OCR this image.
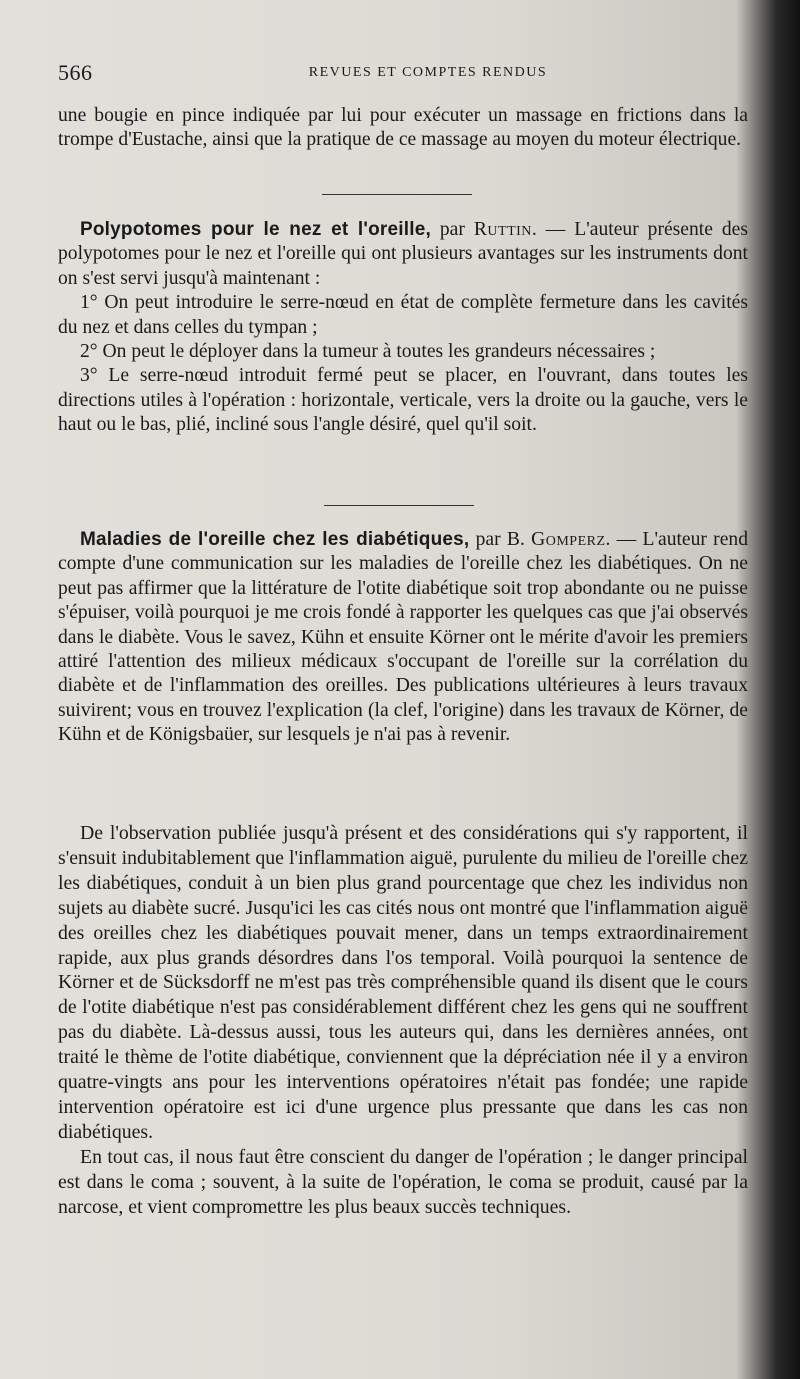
566	REVUES ET COMPTES RENDUS

une bougie en pince indiquée par lui pour exécuter un massage en frictions dans la trompe d'Eustache, ainsi que la pratique de ce massage au moyen du moteur électrique.

Polypotomes pour le nez et l'oreille, par Ruttin. — L'auteur présente des polypotomes pour le nez et l'oreille qui ont plusieurs avantages sur les instruments dont on s'est servi jusqu'à maintenant :

1° On peut introduire le serre-nœud en état de complète fermeture dans les cavités du nez et dans celles du tympan ;

2° On peut le déployer dans la tumeur à toutes les grandeurs nécessaires ;

3° Le serre-nœud introduit fermé peut se placer, en l'ouvrant, dans toutes les directions utiles à l'opération : horizontale, verticale, vers la droite ou la gauche, vers le haut ou le bas, plié, incliné sous l'angle désiré, quel qu'il soit.

Maladies de l'oreille chez les diabétiques, par B. Gomperz. — L'auteur rend compte d'une communication sur les maladies de l'oreille chez les diabétiques. On ne peut pas affirmer que la littérature de l'otite diabétique soit trop abondante ou ne puisse s'épuiser, voilà pourquoi je me crois fondé à rapporter les quelques cas que j'ai observés dans le diabète. Vous le savez, Kühn et ensuite Körner ont le mérite d'avoir les premiers attiré l'attention des milieux médicaux s'occupant de l'oreille sur la corrélation du diabète et de l'inflammation des oreilles. Des publications ultérieures à leurs travaux suivirent; vous en trouvez l'explication (la clef, l'origine) dans les travaux de Körner, de Kühn et de Königsbaüer, sur lesquels je n'ai pas à revenir.

De l'observation publiée jusqu'à présent et des considérations qui s'y rapportent, il s'ensuit indubitablement que l'inflammation aiguë, purulente du milieu de l'oreille chez les diabétiques, conduit à un bien plus grand pourcentage que chez les individus non sujets au diabète sucré. Jusqu'ici les cas cités nous ont montré que l'inflammation aiguë des oreilles chez les diabétiques pouvait mener, dans un temps extraordinairement rapide, aux plus grands désordres dans l'os temporal. Voilà pourquoi la sentence de Körner et de Sücksdorff ne m'est pas très compréhensible quand ils disent que le cours de l'otite diabétique n'est pas considérablement différent chez les gens qui ne souffrent pas du diabète. Là-dessus aussi, tous les auteurs qui, dans les dernières années, ont traité le thème de l'otite diabétique, conviennent que la dépréciation née il y a environ quatre-vingts ans pour les interventions opératoires n'était pas fondée; une rapide intervention opératoire est ici d'une urgence plus pressante que dans les cas non diabétiques.

En tout cas, il nous faut être conscient du danger de l'opération ; le danger principal est dans le coma ; souvent, à la suite de l'opération, le coma se produit, causé par la narcose, et vient compromettre les plus beaux succès techniques.
